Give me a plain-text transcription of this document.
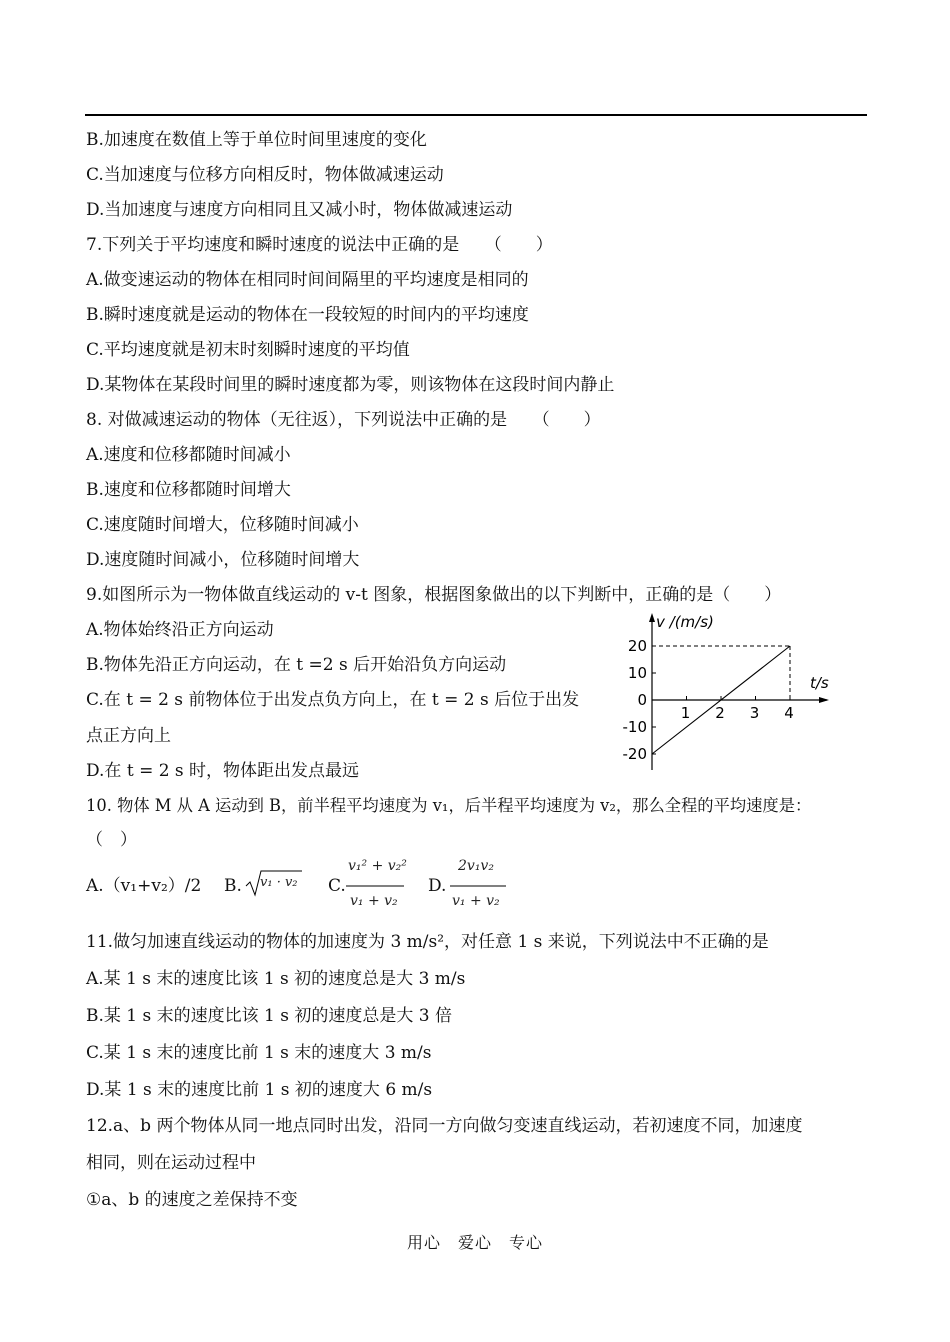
B.加速度在数值上等于单位时间里速度的变化
C.当加速度与位移方向相反时，物体做减速运动
D.当加速度与速度方向相同且又减小时，物体做减速运动
7.下列关于平均速度和瞬时速度的说法中正确的是　　（　　）
A.做变速运动的物体在相同时间间隔里的平均速度是相同的
B.瞬时速度就是运动的物体在一段较短的时间内的平均速度
C.平均速度就是初末时刻瞬时速度的平均值
D.某物体在某段时间里的瞬时速度都为零，则该物体在这段时间内静止
8. 对做减速运动的物体（无往返），下列说法中正确的是　　（　　）
A.速度和位移都随时间减小
B.速度和位移都随时间增大
C.速度随时间增大，位移随时间减小
D.速度随时间减小，位移随时间增大
9.如图所示为一物体做直线运动的 v-t 图象，根据图象做出的以下判断中，正确的是（　　）
A.物体始终沿正方向运动
B.物体先沿正方向运动，在 t =2 s 后开始沿负方向运动
C.在 t = 2 s 前物体位于出发点负方向上，在 t = 2 s 后位于出发
点正方向上
D.在 t = 2 s 时，物体距出发点最远
10. 物体 M 从 A 运动到 B，前半程平均速度为 v₁，后半程平均速度为 v₂，那么全程的平均速度是：
（　）
A.（v₁+v₂）/2 B. v₁ · v₂ C.
v₁² + v₂²
v₁ + v₂
D.
2v₁v₂
v₁ + v₂
11.做匀加速直线运动的物体的加速度为 3 m/s²，对任意 1 s 来说，下列说法中不正确的是
A.某 1 s 末的速度比该 1 s 初的速度总是大 3 m/s
B.某 1 s 末的速度比该 1 s 初的速度总是大 3 倍
C.某 1 s 末的速度比前 1 s 末的速度大 3 m/s
D.某 1 s 末的速度比前 1 s 初的速度大 6 m/s
12.a、b 两个物体从同一地点同时出发，沿同一方向做匀变速直线运动，若初速度不同，加速度
相同，则在运动过程中
①a、b 的速度之差保持不变
v /(m/s)
t/s
20
10
0
-10
-20
1 2 3 4
用心　爱心　专心
